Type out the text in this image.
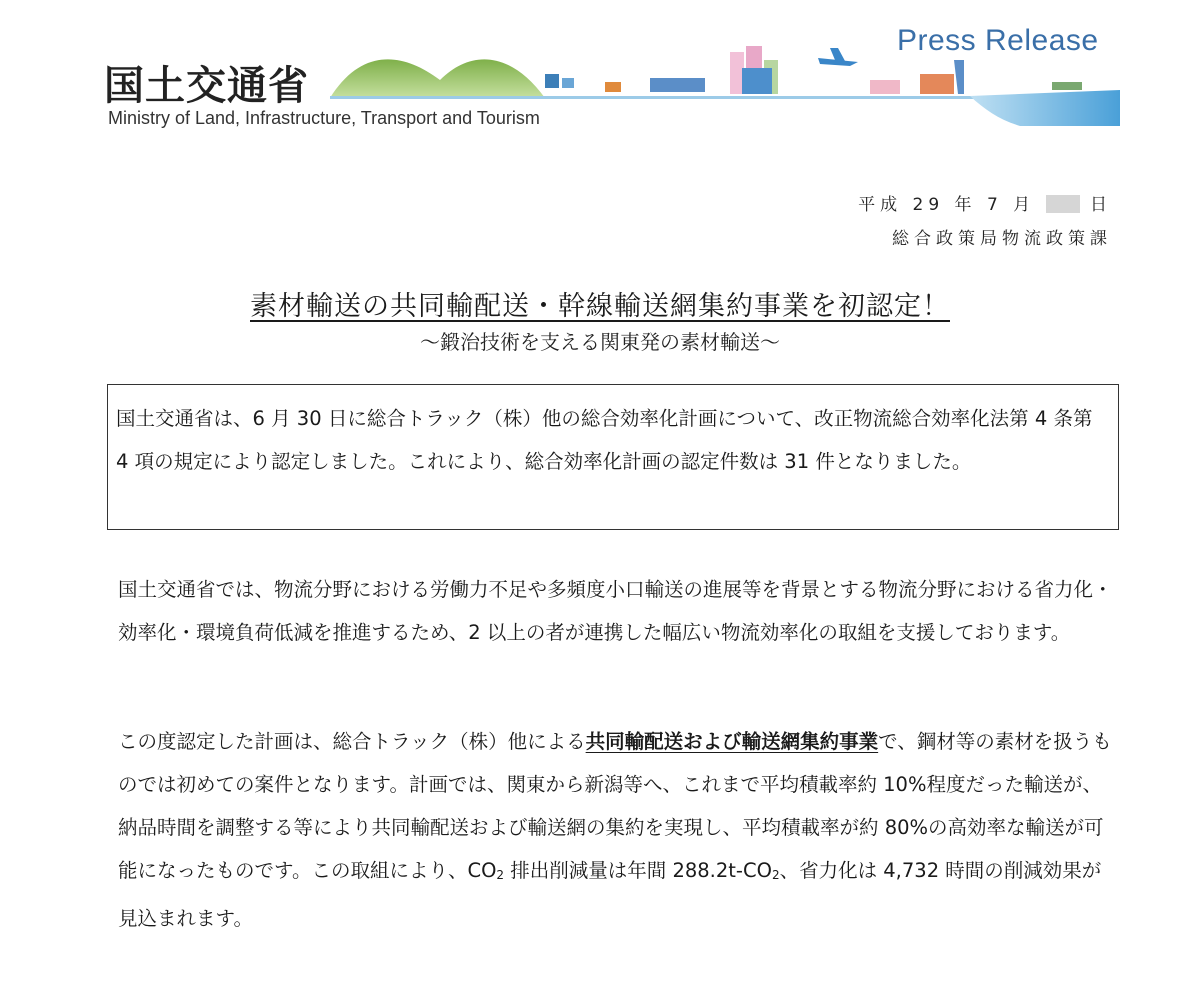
国土交通省
Ministry of Land, Infrastructure, Transport and Tourism
Press Release
平成 29 年 7 月	日
総合政策局物流政策課
素材輸送の共同輸配送・幹線輸送網集約事業を初認定！
～鍛治技術を支える関東発の素材輸送～
国土交通省は、6 月 30 日に総合トラック（株）他の総合効率化計画について、改正物流総合効率化法第 4 条第 4 項の規定により認定しました。これにより、総合効率化計画の認定件数は 31 件となりました。
国土交通省では、物流分野における労働力不足や多頻度小口輸送の進展等を背景とする物流分野における省力化・効率化・環境負荷低減を推進するため、2 以上の者が連携した幅広い物流効率化の取組を支援しております。
この度認定した計画は、総合トラック（株）他による共同輸配送および輸送網集約事業で、鋼材等の素材を扱うものでは初めての案件となります。計画では、関東から新潟等へ、これまで平均積載率約 10%程度だった輸送が、納品時間を調整する等により共同輸配送および輸送網の集約を実現し、平均積載率が約 80%の高効率な輸送が可能になったものです。この取組により、$CO_2$ 排出削減量は年間 $288.2t-CO_2$、省力化は 4,732 時間の削減効果が見込まれます。
